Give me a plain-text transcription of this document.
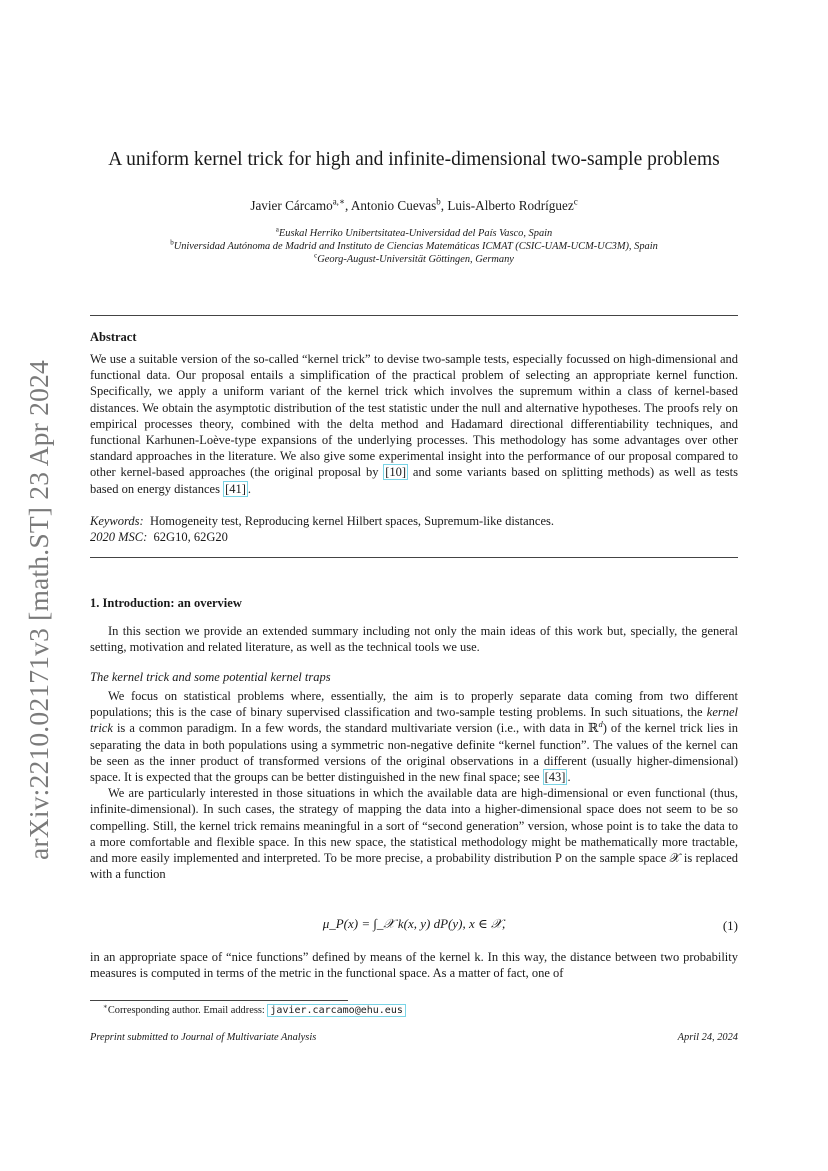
arXiv:2210.02171v3 [math.ST] 23 Apr 2024
A uniform kernel trick for high and infinite-dimensional two-sample problems
Javier Cárcamo$^{a,∗}$, Antonio Cuevas$^b$, Luis-Alberto Rodríguez$^c$
$^a$Euskal Herriko Unibertsitatea-Universidad del País Vasco, Spain
$^b$Universidad Autónoma de Madrid and Instituto de Ciencias Matemáticas ICMAT (CSIC-UAM-UCM-UC3M), Spain
$^c$Georg-August-Universität Göttingen, Germany
Abstract

We use a suitable version of the so-called “kernel trick” to devise two-sample tests, especially focussed on high-dimensional and functional data. Our proposal entails a simplification of the practical problem of selecting an appropriate kernel function. Specifically, we apply a uniform variant of the kernel trick which involves the supremum within a class of kernel-based distances. We obtain the asymptotic distribution of the test statistic under the null and alternative hypotheses. The proofs rely on empirical processes theory, combined with the delta method and Hadamard directional differentiability techniques, and functional Karhunen-Loève-type expansions of the underlying processes. This methodology has some advantages over other standard approaches in the literature. We also give some experimental insight into the performance of our proposal compared to other kernel-based approaches (the original proposal by [10] and some variants based on splitting methods) as well as tests based on energy distances [41] .

Keywords: Homogeneity test, Reproducing kernel Hilbert spaces, Supremum-like distances.
2020 MSC: 62G10, 62G20
1. Introduction: an overview

In this section we provide an extended summary including not only the main ideas of this work but, specially, the general setting, motivation and related literature, as well as the technical tools we use.

The kernel trick and some potential kernel traps

We focus on statistical problems where, essentially, the aim is to properly separate data coming from two different populations; this is the case of binary supervised classification and two-sample testing problems. In such situations, the kernel trick is a common paradigm. In a few words, the standard multivariate version (i.e., with data in ℝ$^d$) of the kernel trick lies in separating the data in both populations using a symmetric non-negative definite “kernel function”. The values of the kernel can be seen as the inner product of transformed versions of the original observations in a different (usually higher-dimensional) space. It is expected that the groups can be better distinguished in the new final space; see [43] .

We are particularly interested in those situations in which the available data are high-dimensional or even functional (thus, infinite-dimensional). In such cases, the strategy of mapping the data into a higher-dimensional space does not seem to be so compelling. Still, the kernel trick remains meaningful in a sort of “second generation” version, whose point is to take the data to a more comfortable and flexible space. In this new space, the statistical methodology might be mathematically more tractable, and more easily implemented and interpreted. To be more precise, a probability distribution P on the sample space 𝒳 is replaced with a function

μ_P(x) = ∫_𝒳 k(x, y) dP(y), x ∈ 𝒳,	(1)

in an appropriate space of “nice functions” defined by means of the kernel k. In this way, the distance between two probability measures is computed in terms of the metric in the functional space. As a matter of fact, one of

∗Corresponding author. Email address: javier.carcamo@ehu.eus
Preprint submitted to Journal of Multivariate Analysis	April 24, 2024
